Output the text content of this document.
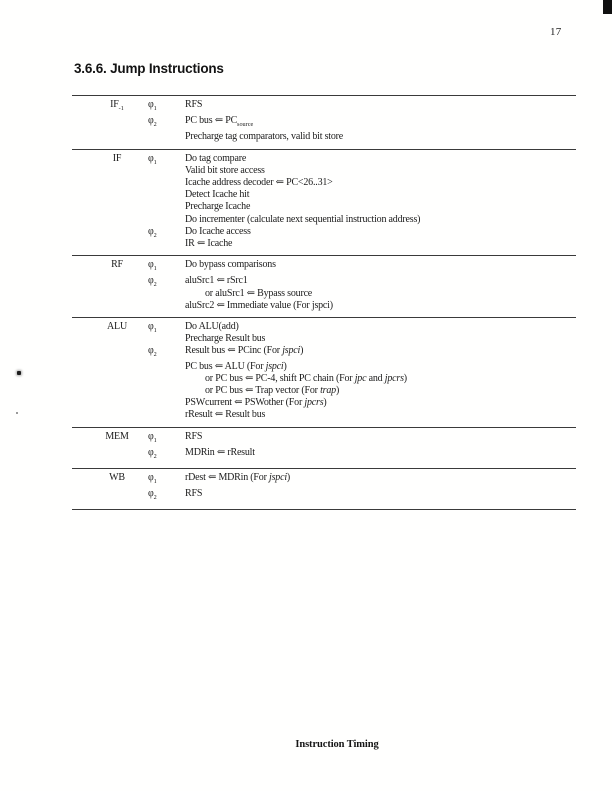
17
3.6.6. Jump Instructions
$IF_{-1}$	$\varphi_1$	RFS
$\varphi_2$	PC bus ⇐ $PC_{source}$
Precharge tag comparators, valid bit store
IF	$\varphi_1$	Do tag compare
Valid bit store access
Icache address decoder ⇐ PC<26..31>
Detect Icache hit
Precharge Icache
Do incrementer (calculate next sequential instruction address)
$\varphi_2$	Do Icache access
IR ⇐ Icache
RF	$\varphi_1$	Do bypass comparisons
$\varphi_2$	aluSrc1 ⇐ rSrc1
or aluSrc1 ⇐ Bypass source
aluSrc2 ⇐ Immediate value (For jspci)
ALU	$\varphi_1$	Do ALU(add)
Precharge Result bus
$\varphi_2$	Result bus ⇐ PCinc (For jspci)
PC bus ⇐ ALU (For jspci)
or PC bus ⇐ PC-4, shift PC chain (For jpc and jpcrs)
or PC bus ⇐ Trap vector (For trap)
PSWcurrent ⇐ PSWother (For jpcrs)
rResult ⇐ Result bus
MEM	$\varphi_1$	RFS
$\varphi_2$	MDRin ⇐ rResult
WB	$\varphi_1$	rDest ⇐ MDRin (For jspci)
$\varphi_2$	RFS
Instruction Timing
